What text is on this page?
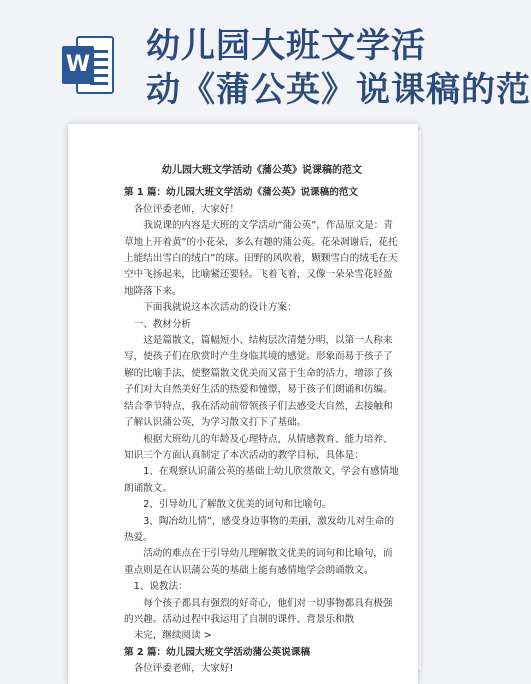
W 幼儿园大班文学活
动《蒲公英》说课稿的范

幼儿园大班文学活动《蒲公英》说课稿的范文

第 1 篇：幼儿园大班文学活动《蒲公英》说课稿的范文

各位评委老师，大家好！

我说课的内容是大班的文学活动“蒲公英”，作品原文是：青草地上开着黄”的小花朵，多么有趣的蒲公英。花朵凋谢后，花托上能结出雪白的绒白”的球。田野的风吹着，颗颗雪白的绒毛在天空中飞扬起来，比喻紧还要轻。飞着飞着，又像一朵朵雪花轻盈地降落下来。

下面我就说这本次活动的设计方案：

一、教材分析

这是篇散文，篇幅短小、结构层次清楚分明，以第一人称来写，使孩子们在欣赏时产生身临其境的感觉。形象而易于孩子了解的比喻手法，使整篇散文优美而又富于生命的活力，增添了孩子们对大自然美好生活的热爱和憧憬，易于孩子们朗诵和仿编。结合季节特点，我在活动前带领孩子们去感受大自然，去接触和了解认识蒲公英，为学习散文打下了基础。

根据大班幼儿的年龄及心理特点，从情感教育、能力培养、知识三个方面认真制定了本次活动的教学目标，具体是：

1、在观察认识蒲公英的基础上幼儿欣赏散文，学会有感情地朗诵散文。

2、引导幼儿了解散文优美的词句和比喻句。

3、陶冶幼儿情”，感受身边事物的美丽，激发幼儿对生命的热爱。

活动的难点在于引导幼儿理解散文优美的词句和比喻句，而重点则是在认识蒲公英的基础上能有感情地学会朗诵散文。

1、说教法：

每个孩子都具有强烈的好奇心，他们对一切事物都具有极强的兴趣。活动过程中我运用了自制的课件、背景乐和散

未完，继续阅读 >

第 2 篇：幼儿园大班文学活动蒲公英说课稿

各位评委老师，大家好!
